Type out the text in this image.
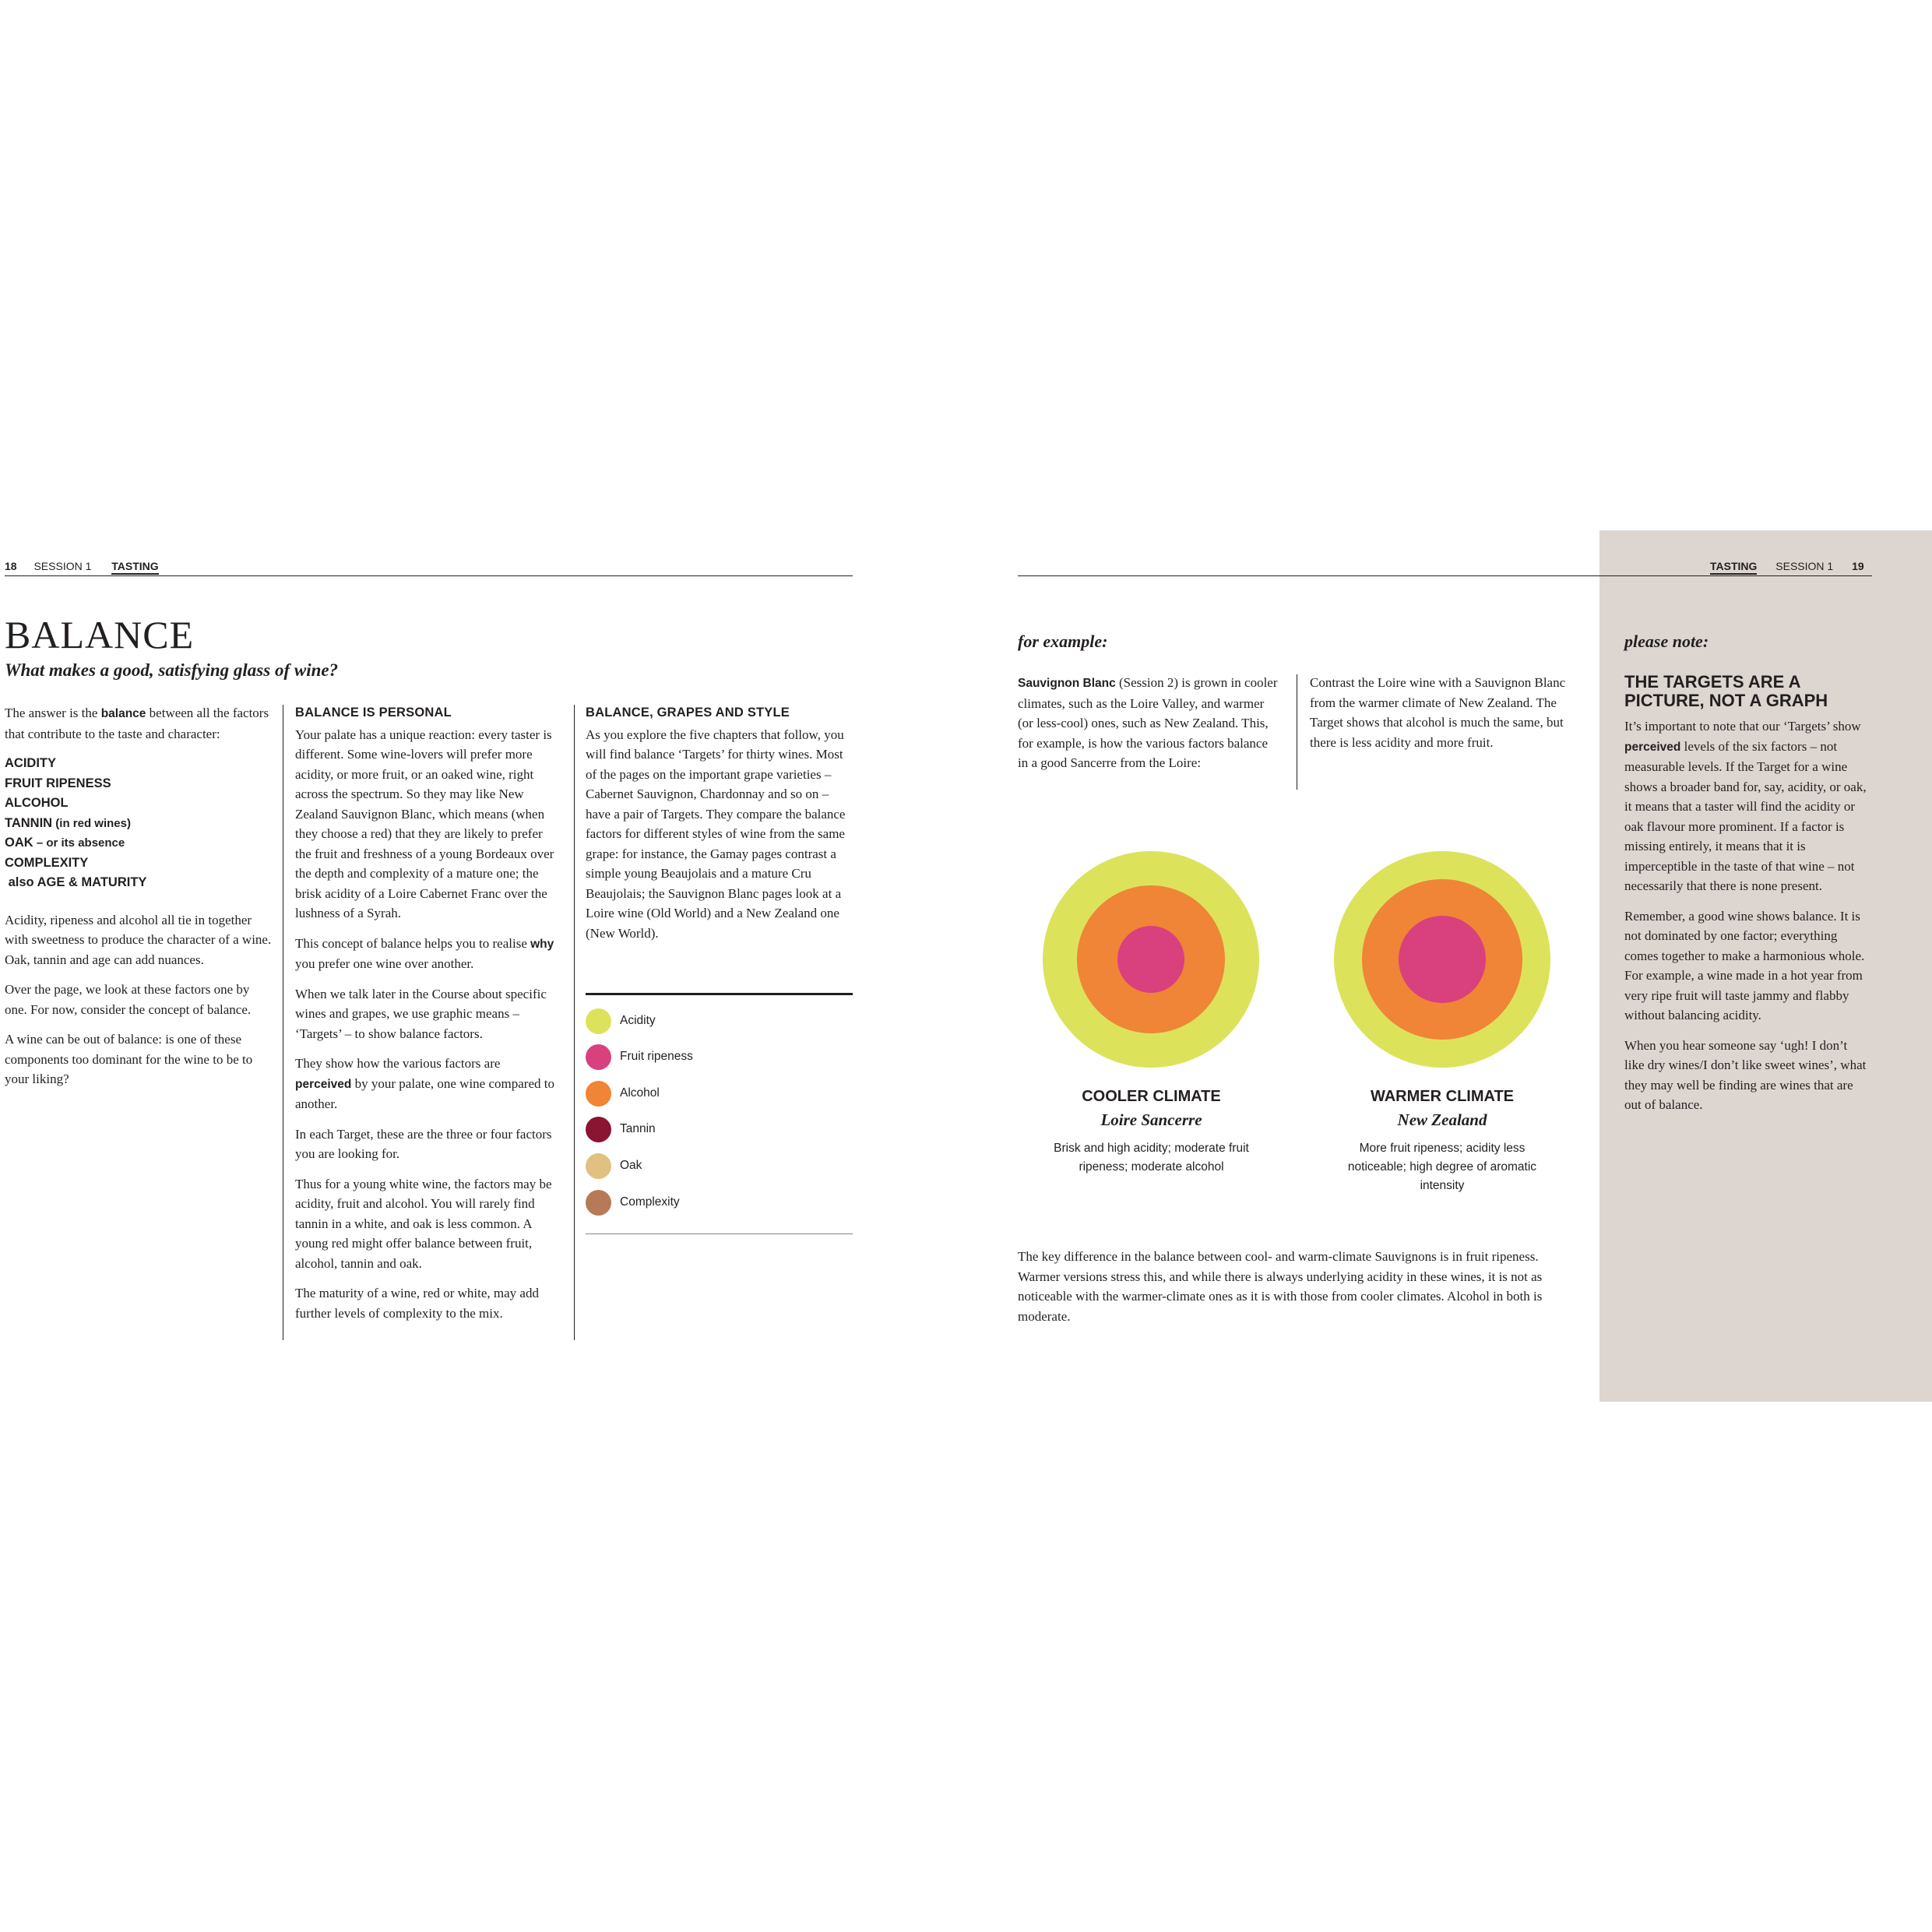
18 SESSION 1 TASTING
BALANCE
What makes a good, satisfying glass of wine?

The answer is the balance between all the factors that contribute to the taste and character:

ACIDITY
FRUIT RIPENESS
ALCOHOL
TANNIN (in red wines)
OAK – or its absence
COMPLEXITY
also AGE & MATURITY

Acidity, ripeness and alcohol all tie in together with sweetness to produce the character of a wine. Oak, tannin and age can add nuances.

Over the page, we look at these factors one by one. For now, consider the concept of balance.

A wine can be out of balance: is one of these components too dominant for the wine to be to your liking?

BALANCE IS PERSONAL

Your palate has a unique reaction: every taster is different. Some wine-lovers will prefer more acidity, or more fruit, or an oaked wine, right across the spectrum. So they may like New Zealand Sauvignon Blanc, which means (when they choose a red) that they are likely to prefer the fruit and freshness of a young Bordeaux over the depth and complexity of a mature one; the brisk acidity of a Loire Cabernet Franc over the lushness of a Syrah.

This concept of balance helps you to realise why you prefer one wine over another.

When we talk later in the Course about specific wines and grapes, we use graphic means – ‘Targets’ – to show balance factors.

They show how the various factors are perceived by your palate, one wine compared to another.

In each Target, these are the three or four factors you are looking for.

Thus for a young white wine, the factors may be acidity, fruit and alcohol. You will rarely find tannin in a white, and oak is less common. A young red might offer balance between fruit, alcohol, tannin and oak.

The maturity of a wine, red or white, may add further levels of complexity to the mix.

BALANCE, GRAPES AND STYLE

As you explore the five chapters that follow, you will find balance ‘Targets’ for thirty wines. Most of the pages on the important grape varieties – Cabernet Sauvignon, Chardonnay and so on – have a pair of Targets. They compare the balance factors for different styles of wine from the same grape: for instance, the Gamay pages contrast a simple young Beaujolais and a mature Cru Beaujolais; the Sauvignon Blanc pages look at a Loire wine (Old World) and a New Zealand one (New World).

Acidity
Fruit ripeness
Alcohol
Tannin
Oak
Complexity
TASTING SESSION 1 19
for example:

Sauvignon Blanc (Session 2) is grown in cooler climates, such as the Loire Valley, and warmer (or less-cool) ones, such as New Zealand. This, for example, is how the various factors balance in a good Sancerre from the Loire:

Contrast the Loire wine with a Sauvignon Blanc from the warmer climate of New Zealand. The Target shows that alcohol is much the same, but there is less acidity and more fruit.

COOLER CLIMATE
Loire Sancerre
Brisk and high acidity; moderate fruit ripeness; moderate alcohol
WARMER CLIMATE
New Zealand
More fruit ripeness; acidity less noticeable; high degree of aromatic intensity
The key difference in the balance between cool- and warm-climate Sauvignons is in fruit ripeness. Warmer versions stress this, and while there is always underlying acidity in these wines, it is not as noticeable with the warmer-climate ones as it is with those from cooler climates. Alcohol in both is moderate.
please note:
THE TARGETS ARE A PICTURE, NOT A GRAPH

It’s important to note that our ‘Targets’ show perceived levels of the six factors – not measurable levels. If the Target for a wine shows a broader band for, say, acidity, or oak, it means that a taster will find the acidity or oak flavour more prominent. If a factor is missing entirely, it means that it is imperceptible in the taste of that wine – not necessarily that there is none present.

Remember, a good wine shows balance. It is not dominated by one factor; everything comes together to make a harmonious whole. For example, a wine made in a hot year from very ripe fruit will taste jammy and flabby without balancing acidity.

When you hear someone say ‘ugh! I don’t like dry wines/I don’t like sweet wines’, what they may well be finding are wines that are out of balance.
